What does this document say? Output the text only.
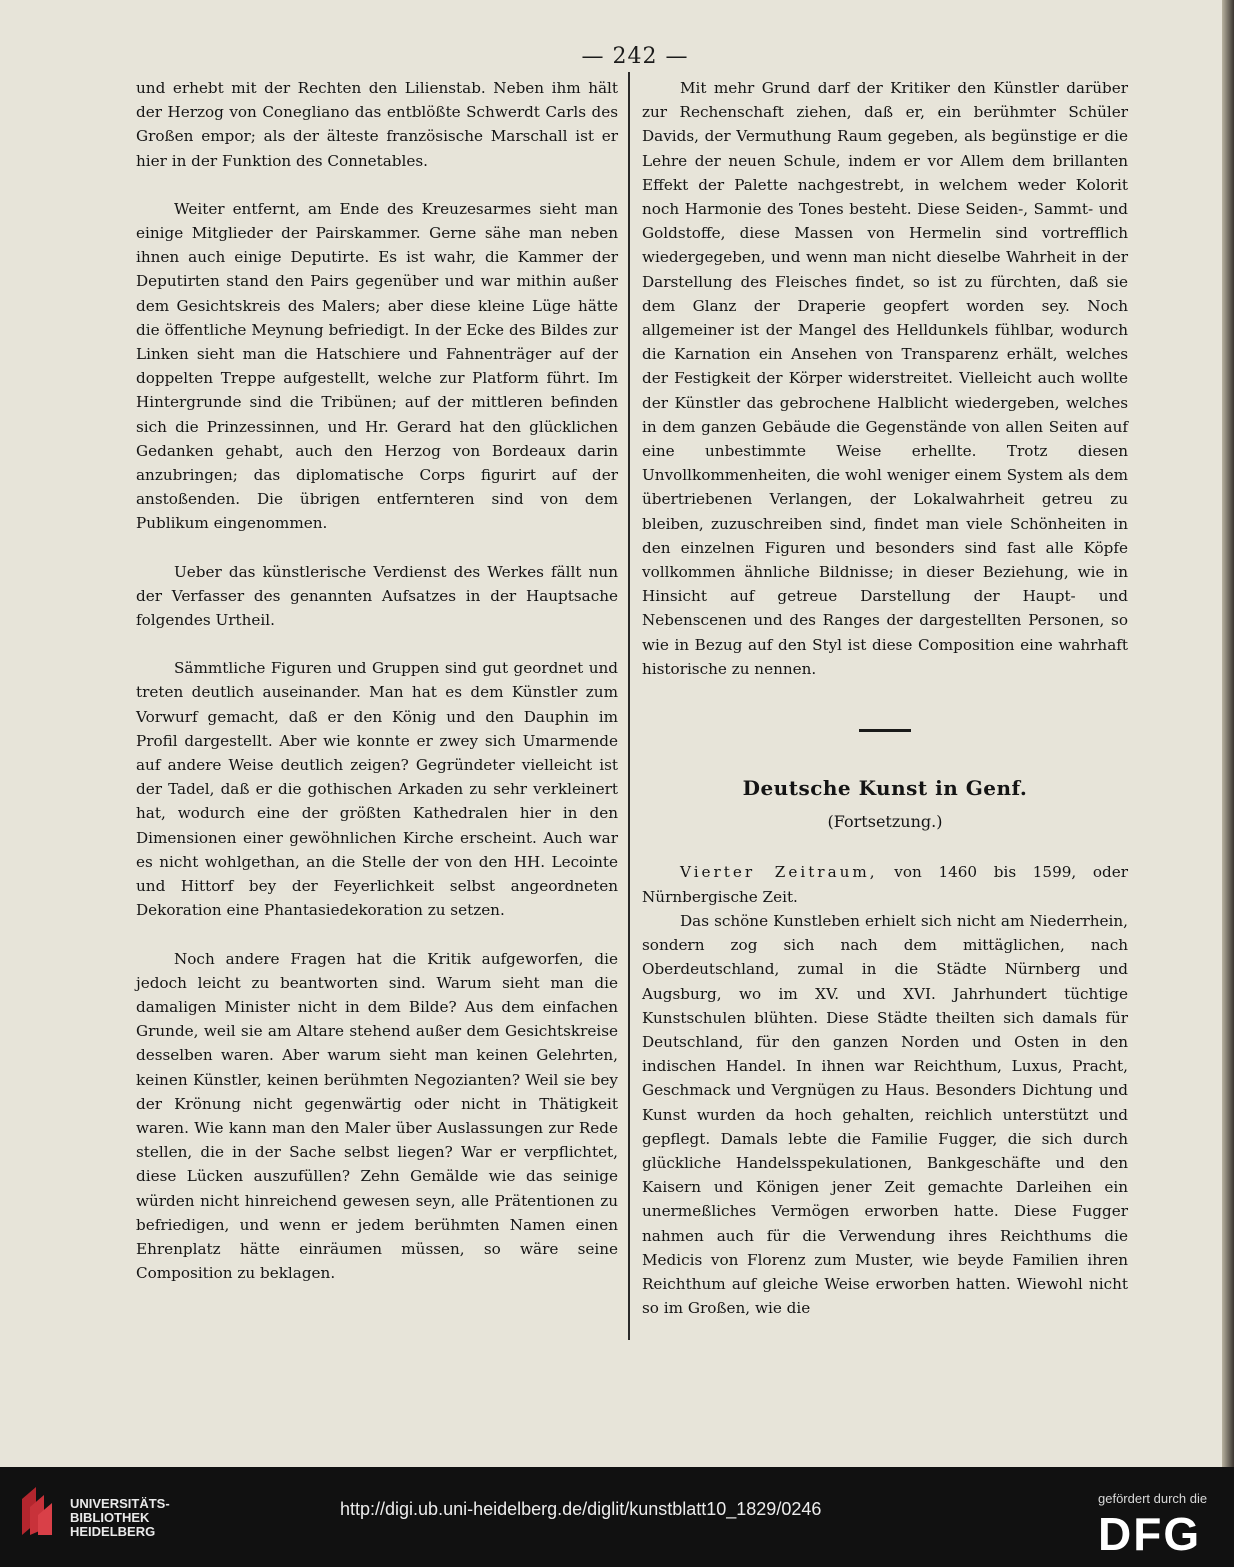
— 242 —

und erhebt mit der Rechten den Lilienstab. Neben ihm hält der Herzog von Conegliano das entblößte Schwerdt Carls des Großen empor; als der älteste französische Marschall ist er hier in der Funktion des Connetables.

Weiter entfernt, am Ende des Kreuzesarmes sieht man einige Mitglieder der Pairskammer. Gerne sähe man neben ihnen auch einige Deputirte. Es ist wahr, die Kammer der Deputirten stand den Pairs gegenüber und war mithin außer dem Gesichtskreis des Malers; aber diese kleine Lüge hätte die öffentliche Meynung befriedigt. In der Ecke des Bildes zur Linken sieht man die Hatschiere und Fahnenträger auf der doppelten Treppe aufgestellt, welche zur Platform führt. Im Hintergrunde sind die Tribünen; auf der mittleren befinden sich die Prinzessinnen, und Hr. Gerard hat den glücklichen Gedanken gehabt, auch den Herzog von Bordeaux darin anzubringen; das diplomatische Corps figurirt auf der anstoßenden. Die übrigen entfernteren sind von dem Publikum eingenommen.

Ueber das künstlerische Verdienst des Werkes fällt nun der Verfasser des genannten Aufsatzes in der Hauptsache folgendes Urtheil.

Sämmtliche Figuren und Gruppen sind gut geordnet und treten deutlich auseinander. Man hat es dem Künstler zum Vorwurf gemacht, daß er den König und den Dauphin im Profil dargestellt. Aber wie konnte er zwey sich Umarmende auf andere Weise deutlich zeigen? Gegründeter vielleicht ist der Tadel, daß er die gothischen Arkaden zu sehr verkleinert hat, wodurch eine der größten Kathedralen hier in den Dimensionen einer gewöhnlichen Kirche erscheint. Auch war es nicht wohlgethan, an die Stelle der von den HH. Lecointe und Hittorf bey der Feyerlichkeit selbst angeordneten Dekoration eine Phantasiedekoration zu setzen.

Noch andere Fragen hat die Kritik aufgeworfen, die jedoch leicht zu beantworten sind. Warum sieht man die damaligen Minister nicht in dem Bilde? Aus dem einfachen Grunde, weil sie am Altare stehend außer dem Gesichtskreise desselben waren. Aber warum sieht man keinen Gelehrten, keinen Künstler, keinen berühmten Negozianten? Weil sie bey der Krönung nicht gegenwärtig oder nicht in Thätigkeit waren. Wie kann man den Maler über Auslassungen zur Rede stellen, die in der Sache selbst liegen? War er verpflichtet, diese Lücken auszufüllen? Zehn Gemälde wie das seinige würden nicht hinreichend gewesen seyn, alle Prätentionen zu befriedigen, und wenn er jedem berühmten Namen einen Ehrenplatz hätte einräumen müssen, so wäre seine Composition zu beklagen.

Mit mehr Grund darf der Kritiker den Künstler darüber zur Rechenschaft ziehen, daß er, ein berühmter Schüler Davids, der Vermuthung Raum gegeben, als begünstige er die Lehre der neuen Schule, indem er vor Allem dem brillanten Effekt der Palette nachgestrebt, in welchem weder Kolorit noch Harmonie des Tones besteht. Diese Seiden-, Sammt- und Goldstoffe, diese Massen von Hermelin sind vortrefflich wiedergegeben, und wenn man nicht dieselbe Wahrheit in der Darstellung des Fleisches findet, so ist zu fürchten, daß sie dem Glanz der Draperie geopfert worden sey. Noch allgemeiner ist der Mangel des Helldunkels fühlbar, wodurch die Karnation ein Ansehen von Transparenz erhält, welches der Festigkeit der Körper widerstreitet. Vielleicht auch wollte der Künstler das gebrochene Halblicht wiedergeben, welches in dem ganzen Gebäude die Gegenstände von allen Seiten auf eine unbestimmte Weise erhellte. Trotz diesen Unvollkommenheiten, die wohl weniger einem System als dem übertriebenen Verlangen, der Lokalwahrheit getreu zu bleiben, zuzuschreiben sind, findet man viele Schönheiten in den einzelnen Figuren und besonders sind fast alle Köpfe vollkommen ähnliche Bildnisse; in dieser Beziehung, wie in Hinsicht auf getreue Darstellung der Haupt- und Nebenscenen und des Ranges der dargestellten Personen, so wie in Bezug auf den Styl ist diese Composition eine wahrhaft historische zu nennen.

Deutsche Kunst in Genf.
(Fortsetzung.)

Vierter Zeitraum, von 1460 bis 1599, oder Nürnbergische Zeit.

Das schöne Kunstleben erhielt sich nicht am Niederrhein, sondern zog sich nach dem mittäglichen, nach Oberdeutschland, zumal in die Städte Nürnberg und Augsburg, wo im XV. und XVI. Jahrhundert tüchtige Kunstschulen blühten. Diese Städte theilten sich damals für Deutschland, für den ganzen Norden und Osten in den indischen Handel. In ihnen war Reichthum, Luxus, Pracht, Geschmack und Vergnügen zu Haus. Besonders Dichtung und Kunst wurden da hoch gehalten, reichlich unterstützt und gepflegt. Damals lebte die Familie Fugger, die sich durch glückliche Handelsspekulationen, Bankgeschäfte und den Kaisern und Königen jener Zeit gemachte Darleihen ein unermeßliches Vermögen erworben hatte. Diese Fugger nahmen auch für die Verwendung ihres Reichthums die Medicis von Florenz zum Muster, wie beyde Familien ihren Reichthum auf gleiche Weise erworben hatten. Wiewohl nicht so im Großen, wie die

UNIVERSITÄTS-
BIBLIOTHEK
HEIDELBERG
http://digi.ub.uni-heidelberg.de/diglit/kunstblatt10_1829/0246
gefördert durch die
DFG
